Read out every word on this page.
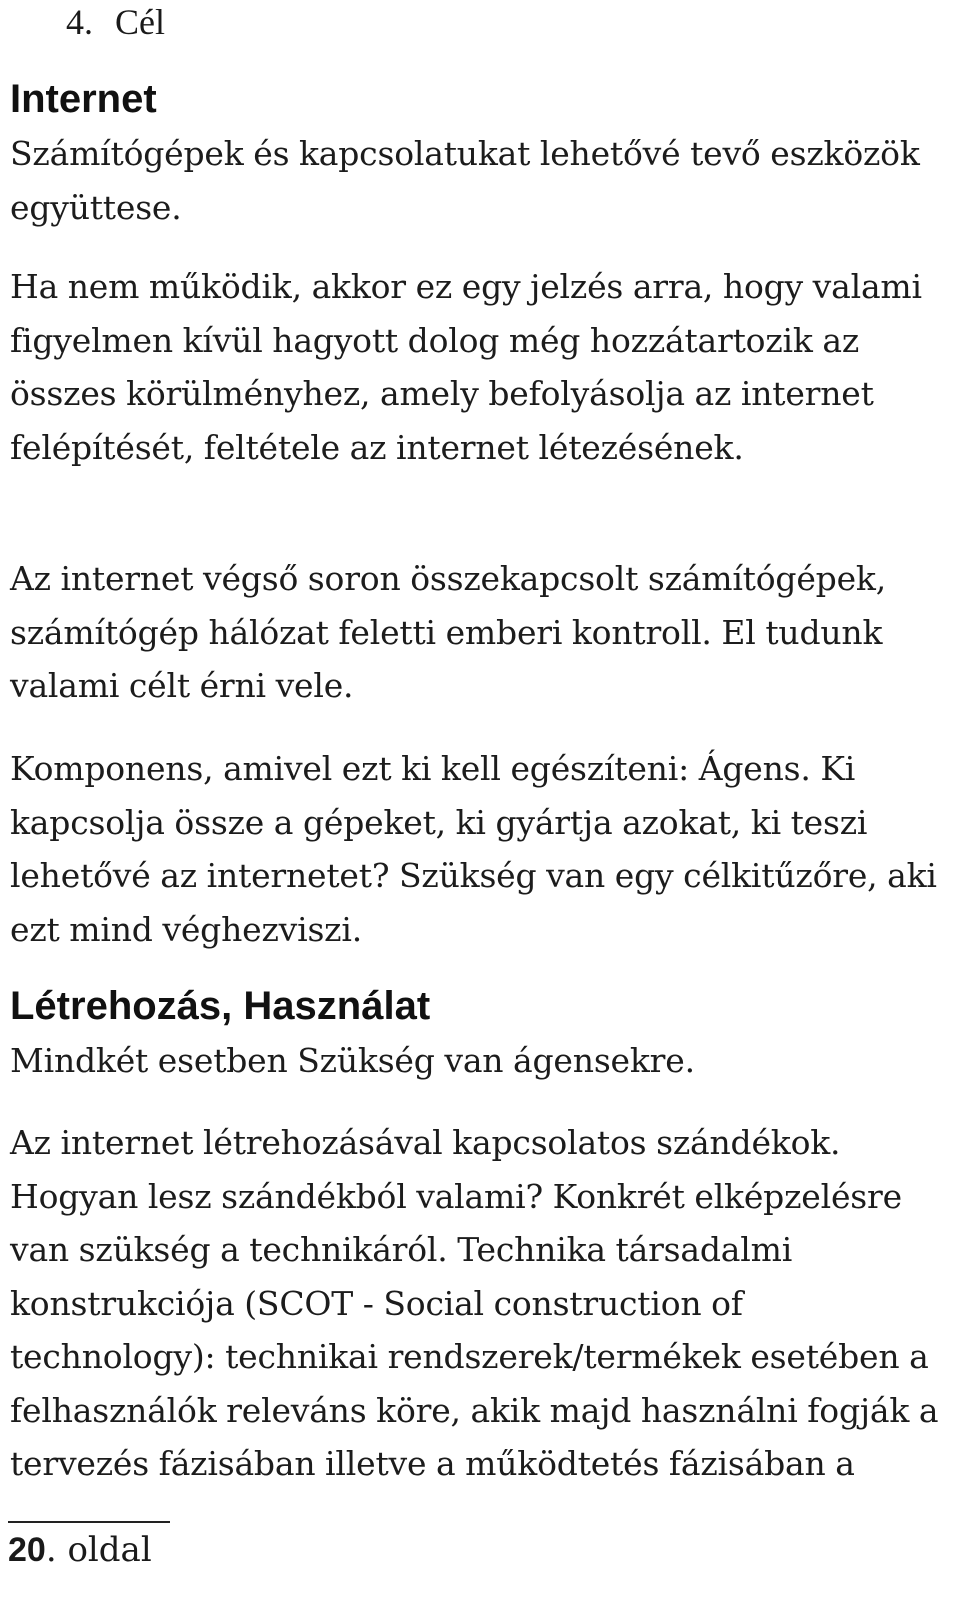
4. Cél
Internet

Számítógépek és kapcsolatukat lehetővé tevő eszközök együttese.

Ha nem működik, akkor ez egy jelzés arra, hogy valami figyelmen kívül hagyott dolog még hozzátartozik az összes körülményhez, amely befolyásolja az internet felépítését, feltétele az internet létezésének.

Az internet végső soron összekapcsolt számítógépek, számítógép hálózat feletti emberi kontroll. El tudunk valami célt érni vele.

Komponens, amivel ezt ki kell egészíteni: Ágens. Ki kapcsolja össze a gépeket, ki gyártja azokat, ki teszi lehetővé az internetet? Szükség van egy célkitűzőre, aki ezt mind véghezviszi.

Létrehozás, Használat

Mindkét esetben Szükség van ágensekre.

Az internet létrehozásával kapcsolatos szándékok. Hogyan lesz szándékból valami? Konkrét elképzelésre van szükség a technikáról. Technika társadalmi konstrukciója (SCOT - Social construction of technology): technikai rendszerek/termékek esetében a felhasználók releváns köre, akik majd használni fogják a tervezés fázisában illetve a működtetés fázisában a

20. oldal
